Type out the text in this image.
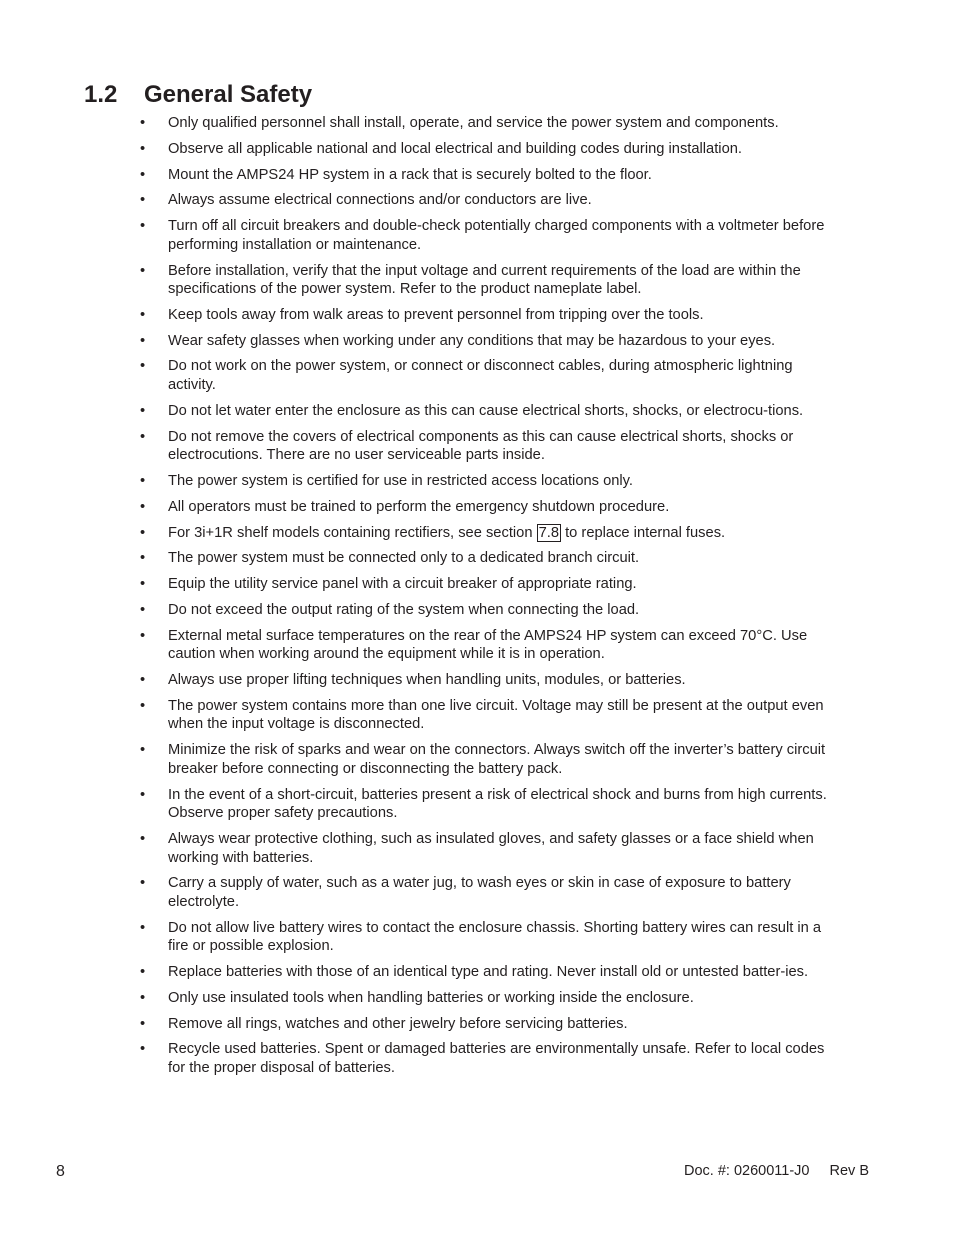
1.2 General Safety
• Only qualified personnel shall install, operate, and service the power system and components.
• Observe all applicable national and local electrical and building codes during installation.
• Mount the AMPS24 HP system in a rack that is securely bolted to the floor.
• Always assume electrical connections and/or conductors are live.
• Turn off all circuit breakers and double-check potentially charged components with a voltmeter before performing installation or maintenance.
• Before installation, verify that the input voltage and current requirements of the load are within the specifications of the power system. Refer to the product nameplate label.
• Keep tools away from walk areas to prevent personnel from tripping over the tools.
• Wear safety glasses when working under any conditions that may be hazardous to your eyes.
• Do not work on the power system, or connect or disconnect cables, during atmospheric lightning activity.
• Do not let water enter the enclosure as this can cause electrical shorts, shocks, or electrocu-tions.
• Do not remove the covers of electrical components as this can cause electrical shorts, shocks or electrocutions. There are no user serviceable parts inside.
• The power system is certified for use in restricted access locations only.
• All operators must be trained to perform the emergency shutdown procedure.
• For 3i+1R shelf models containing rectifiers, see section 7.8 to replace internal fuses.
• The power system must be connected only to a dedicated branch circuit.
• Equip the utility service panel with a circuit breaker of appropriate rating.
• Do not exceed the output rating of the system when connecting the load.
• External metal surface temperatures on the rear of the AMPS24 HP system can exceed 70°C. Use caution when working around the equipment while it is in operation.
• Always use proper lifting techniques when handling units, modules, or batteries.
• The power system contains more than one live circuit. Voltage may still be present at the output even when the input voltage is disconnected.
• Minimize the risk of sparks and wear on the connectors. Always switch off the inverter’s battery circuit breaker before connecting or disconnecting the battery pack.
• In the event of a short-circuit, batteries present a risk of electrical shock and burns from high currents. Observe proper safety precautions.
• Always wear protective clothing, such as insulated gloves, and safety glasses or a face shield when working with batteries.
• Carry a supply of water, such as a water jug, to wash eyes or skin in case of exposure to battery electrolyte.
• Do not allow live battery wires to contact the enclosure chassis. Shorting battery wires can result in a fire or possible explosion.
• Replace batteries with those of an identical type and rating. Never install old or untested batter-ies.
• Only use insulated tools when handling batteries or working inside the enclosure.
• Remove all rings, watches and other jewelry before servicing batteries.
• Recycle used batteries. Spent or damaged batteries are environmentally unsafe. Refer to local codes for the proper disposal of batteries.
8	Doc. #: 0260011-J0 Rev B
